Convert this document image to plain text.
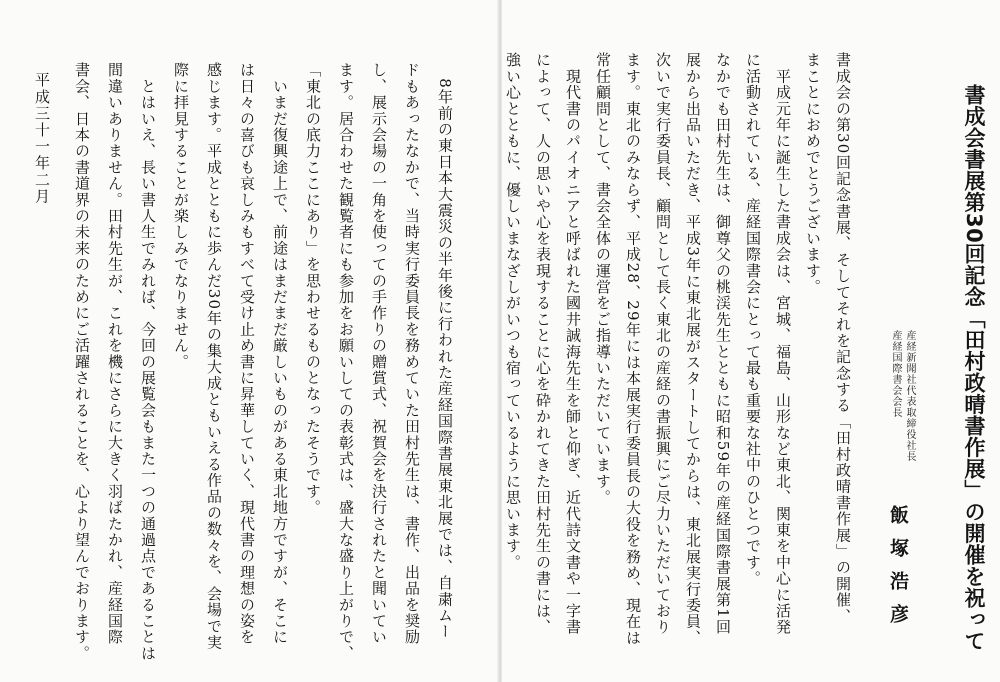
　8年前の東日本大震災の半年後に行われた産経国際書展東北展では、自粛ムー
ドもあったなかで、当時実行委員長を務めていた田村先生は、書作、出品を奨励
し、展示会場の一角を使っての手作りの贈賞式、祝賀会を決行されたと聞いてい
ます。居合わせた観覧者にも参加をお願いしての表彰式は、盛大な盛り上がりで、
「東北の底力ここにあり」を思わせるものとなったそうです。
　いまだ復興途上で、前途はまだまだ厳しいものがある東北地方ですが、そこに
は日々の喜びも哀しみもすべて受け止め書に昇華していく、現代書の理想の姿を
感じます。平成とともに歩んだ30年の集大成ともいえる作品の数々を、会場で実
際に拝見することが楽しみでなりません。
　とはいえ、長い書人生でみれば、今回の展覧会もまた一つの通過点であることは
間違いありません。田村先生が、これを機にさらに大きく羽ばたかれ、産経国際
書会、日本の書道界の未来のためにご活躍されることを、心より望んでおります。
平成三十一年二月	書成会書展第30回記念「田村政晴書作展」の開催を祝って
産経国際書会会長 産経新聞社代表取締役社長
飯塚浩彦
書成会の第30回記念書展、そしてそれを記念する「田村政晴書作展」の開催、
まことにおめでとうございます。
　平成元年に誕生した書成会は、宮城、福島、山形など東北、関東を中心に活発
に活動されている、産経国際書会にとって最も重要な社中のひとつです。
なかでも田村先生は、御尊父の桃渓先生とともに昭和59年の産経国際書展第1回
展から出品いただき、平成3年に東北展がスタートしてからは、東北展実行委員、
次いで実行委員長、顧問として長く東北の産経の書振興にご尽力いただいており
ます。東北のみならず、平成28、29年には本展実行委員長の大役を務め、現在は
常任顧問として、書会全体の運営をご指導いただいています。
　現代書のパイオニアと呼ばれた國井誠海先生を師と仰ぎ、近代詩文書や一字書
によって、人の思いや心を表現することに心を砕かれてきた田村先生の書には、
強い心とともに、優しいまなざしがいつも宿っているように思います。
